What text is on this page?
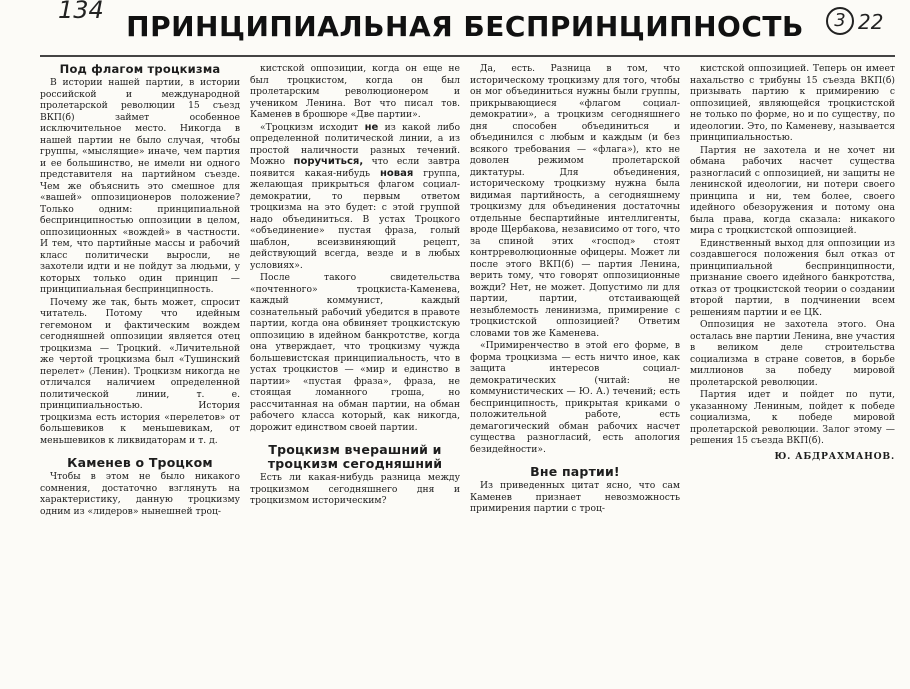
134	3 22
ПРИНЦИПИАЛЬНАЯ БЕСПРИНЦИПНОСТЬ

Под флагом троцкизма

В истории нашей партии, в истории российской и международной пролетарской революции 15 съезд ВКП(б) займет особенное исключительное место. Никогда в нашей партии не было случая, чтобы группы, «мыслящие» иначе, чем партия и ее большинство, не имели ни одного представителя на партийном съезде. Чем же объяснить это смешное для «вашей» оппозиционеров положение? Только одним: принципиальной беспринципностью оппозиции в целом, оппозиционных «вождей» в частности. И тем, что партийные массы и рабочий класс политически выросли, не захотели идти и не пойдут за людьми, у которых только один принцип — принципиальная беспринципность.

Почему же так, быть может, спросит читатель. Потому что идейным гегемоном и фактическим вождем сегодняшней оппозиции является отец троцкизма — Троцкий. «Личительной же чертой троцкизма был «Тушинский перелет» (Ленин). Троцкизм никогда не отличался наличием определенной политической линии, т. е. принципиальностью. История троцкизма есть история «перелетов» от большевиков к меньшевикам, от меньшевиков к ликвидаторам и т. д.

Каменев о Троцком

Чтобы в этом не было никакого сомнения, достаточно взглянуть на характеристику, данную троцкизму одним из «лидеров» нынешней троц-

кистской оппозиции, когда он еще не был троцкистом, когда он был пролетарским революционером и учеником Ленина. Вот что писал тов. Каменев в брошюре «Две партии».

«Троцкизм исходит не из какой либо определенной политической линии, а из простой наличности разных течений. Можно поручиться, что если завтра появится какая-нибудь новая группа, желающая прикрыться флагом социал-демократии, то первым ответом троцкизма на это будет: с этой группой надо объединиться. В устах Троцкого «объединение» пустая фраза, голый шаблон, всеизвиняющий рецепт, действующий всегда, везде и в любых условиях».

После такого свидетельства «почтенного» троцкиста-Каменева, каждый коммунист, каждый сознательный рабочий убедится в правоте партии, когда она обвиняет троцкистскую оппозицию в идейном банкротстве, когда она утверждает, что троцкизму чужда большевистская принципиальность, что в устах троцкистов — «мир и единство в партии» «пустая фраза», фраза, не стоящая ломанного гроша, но рассчитанная на обман партии, на обман рабочего класса который, как никогда, дорожит единством своей партии.

Троцкизм вчерашний и троцкизм сегодняшний

Есть ли какая-нибудь разница между троцкизмом сегодняшнего дня и троцкизмом историческим?

Да, есть. Разница в том, что историческому троцкизму для того, чтобы он мог объединиться нужны были группы, прикрывающиеся «флагом социал-демократии», а троцкизм сегодняшнего дня способен объединиться и объединился с любым и каждым (и без всякого требования — «флага»), кто не доволен режимом пролетарской диктатуры. Для объединения, историческому троцкизму нужна была видимая партийность, а сегодняшнему троцкизму для объединения достаточны отдельные беспартийные интеллигенты, вроде Щербакова, независимо от того, что за спиной этих «господ» стоят контрреволюционные офицеры. Может ли после этого ВКП(б) — партия Ленина, верить тому, что говорят оппозиционные вожди? Нет, не может. Допустимо ли для партии, партии, отстаивающей незыблемость ленинизма, примирение с троцкистской оппозицией? Ответим словами тов же Каменева.

«Примиренчество в этой его форме, в форма троцкизма — есть ничто иное, как защита интересов социал-демократических (читай: не коммунистических — Ю. А.) течений; есть беспринципность, прикрытая криками о положительной работе, есть демагогический обман рабочих насчет существа разногласий, есть апология безидейности».

Вне партии!

Из приведенных цитат ясно, что сам Каменев признает невозможность примирения партии с троц-

кистской оппозицией. Теперь он имеет нахальство с трибуны 15 съезда ВКП(б) призывать партию к примирению с оппозицией, являющейся троцкистской не только по форме, но и по существу, по идеологии. Это, по Каменеву, называется принципиальностью.

Партия не захотела и не хочет ни обмана рабочих насчет существа разногласий с оппозицией, ни защиты не ленинской идеологии, ни потери своего принципа и ни, тем более, своего идейного обезоружения и потому она была права, когда сказала: никакого мира с троцкистской оппозицией.

Единственный выход для оппозиции из создавшегося положения был отказ от принципиальной беспринципности, признание своего идейного банкротства, отказ от троцкистской теории о создании второй партии, в подчинении всем решениям партии и ее ЦК.

Оппозиция не захотела этого. Она осталась вне партии Ленина, вне участия в великом деле строительства социализма в стране советов, в борьбе миллионов за победу мировой пролетарской революции.

Партия идет и пойдет по пути, указанному Лениным, пойдет к победе социализма, к победе мировой пролетарской революции. Залог этому — решения 15 съезда ВКП(б).

Ю. АБДРАХМАНОВ.
